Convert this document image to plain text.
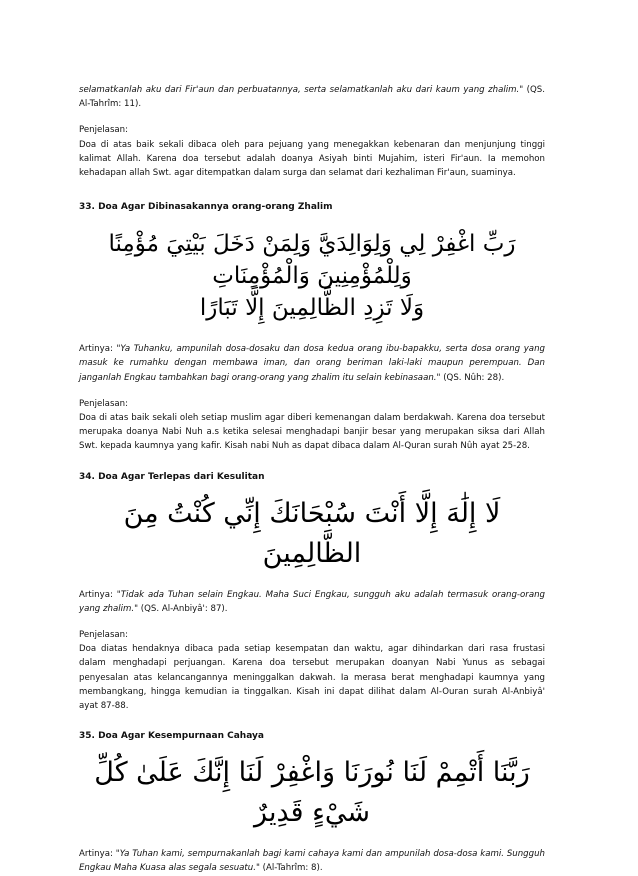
selamatkanlah aku dari Fir'aun dan perbuatannya, serta selamatkanlah aku dari kaum yang zhalim." (QS. Al-Tahrîm: 11).

Penjelasan:

Doa di atas baik sekali dibaca oleh para pejuang yang menegakkan kebenaran dan menjunjung tinggi kalimat Allah. Karena doa tersebut adalah doanya Asiyah binti Mujahim, isteri Fir'aun. Ia memohon kehadapan allah Swt. agar ditempatkan dalam surga dan selamat dari kezhaliman Fir'aun, suaminya.

33. Doa Agar Dibinasakannya orang-orang Zhalim

رَبِّ اغْفِرْ لِي وَلِوَالِدَيَّ وَلِمَنْ دَخَلَ بَيْتِيَ مُؤْمِنًا وَلِلْمُؤْمِنِينَ وَالْمُؤْمِنَاتِ

وَلَا تَزِدِ الظَّالِمِينَ إِلَّا تَبَارًا

Artinya: "Ya Tuhanku, ampunilah dosa-dosaku dan dosa kedua orang ibu-bapakku, serta dosa orang yang masuk ke rumahku dengan membawa iman, dan orang beriman laki-laki maupun perempuan. Dan janganlah Engkau tambahkan bagi orang-orang yang zhalim itu selain kebinasaan." (QS. Nûh: 28).

Penjelasan:

Doa di atas baik sekali oleh setiap muslim agar diberi kemenangan dalam berdakwah. Karena doa tersebut merupaka doanya Nabi Nuh a.s ketika selesai menghadapi banjir besar yang merupakan siksa dari Allah Swt. kepada kaumnya yang kafir. Kisah nabi Nuh as dapat dibaca dalam Al-Quran surah Nûh ayat 25-28.

34. Doa Agar Terlepas dari Kesulitan

لَا إِلَٰهَ إِلَّا أَنْتَ سُبْحَانَكَ إِنِّي كُنْتُ مِنَ الظَّالِمِينَ

Artinya: "Tidak ada Tuhan selain Engkau. Maha Suci Engkau, sungguh aku adalah termasuk orang-orang yang zhalim." (QS. Al-Anbiyâ': 87).

Penjelasan:

Doa diatas hendaknya dibaca pada setiap kesempatan dan waktu, agar dihindarkan dari rasa frustasi dalam menghadapi perjuangan. Karena doa tersebut merupakan doanyan Nabi Yunus as sebagai penyesalan atas kelancangannya meninggalkan dakwah. Ia merasa berat menghadapi kaumnya yang membangkang, hingga kemudian ia tinggalkan. Kisah ini dapat dilihat dalam Al-Ouran surah Al-Anbiyâ' ayat 87-88.

35. Doa Agar Kesempurnaan Cahaya

رَبَّنَا أَتْمِمْ لَنَا نُورَنَا وَاغْفِرْ لَنَا إِنَّكَ عَلَىٰ كُلِّ شَيْءٍ قَدِيرٌ

Artinya: "Ya Tuhan kami, sempurnakanlah bagi kami cahaya kami dan ampunilah dosa-dosa kami. Sungguh Engkau Maha Kuasa alas segala sesuatu." (Al-Tahrîm: 8).
